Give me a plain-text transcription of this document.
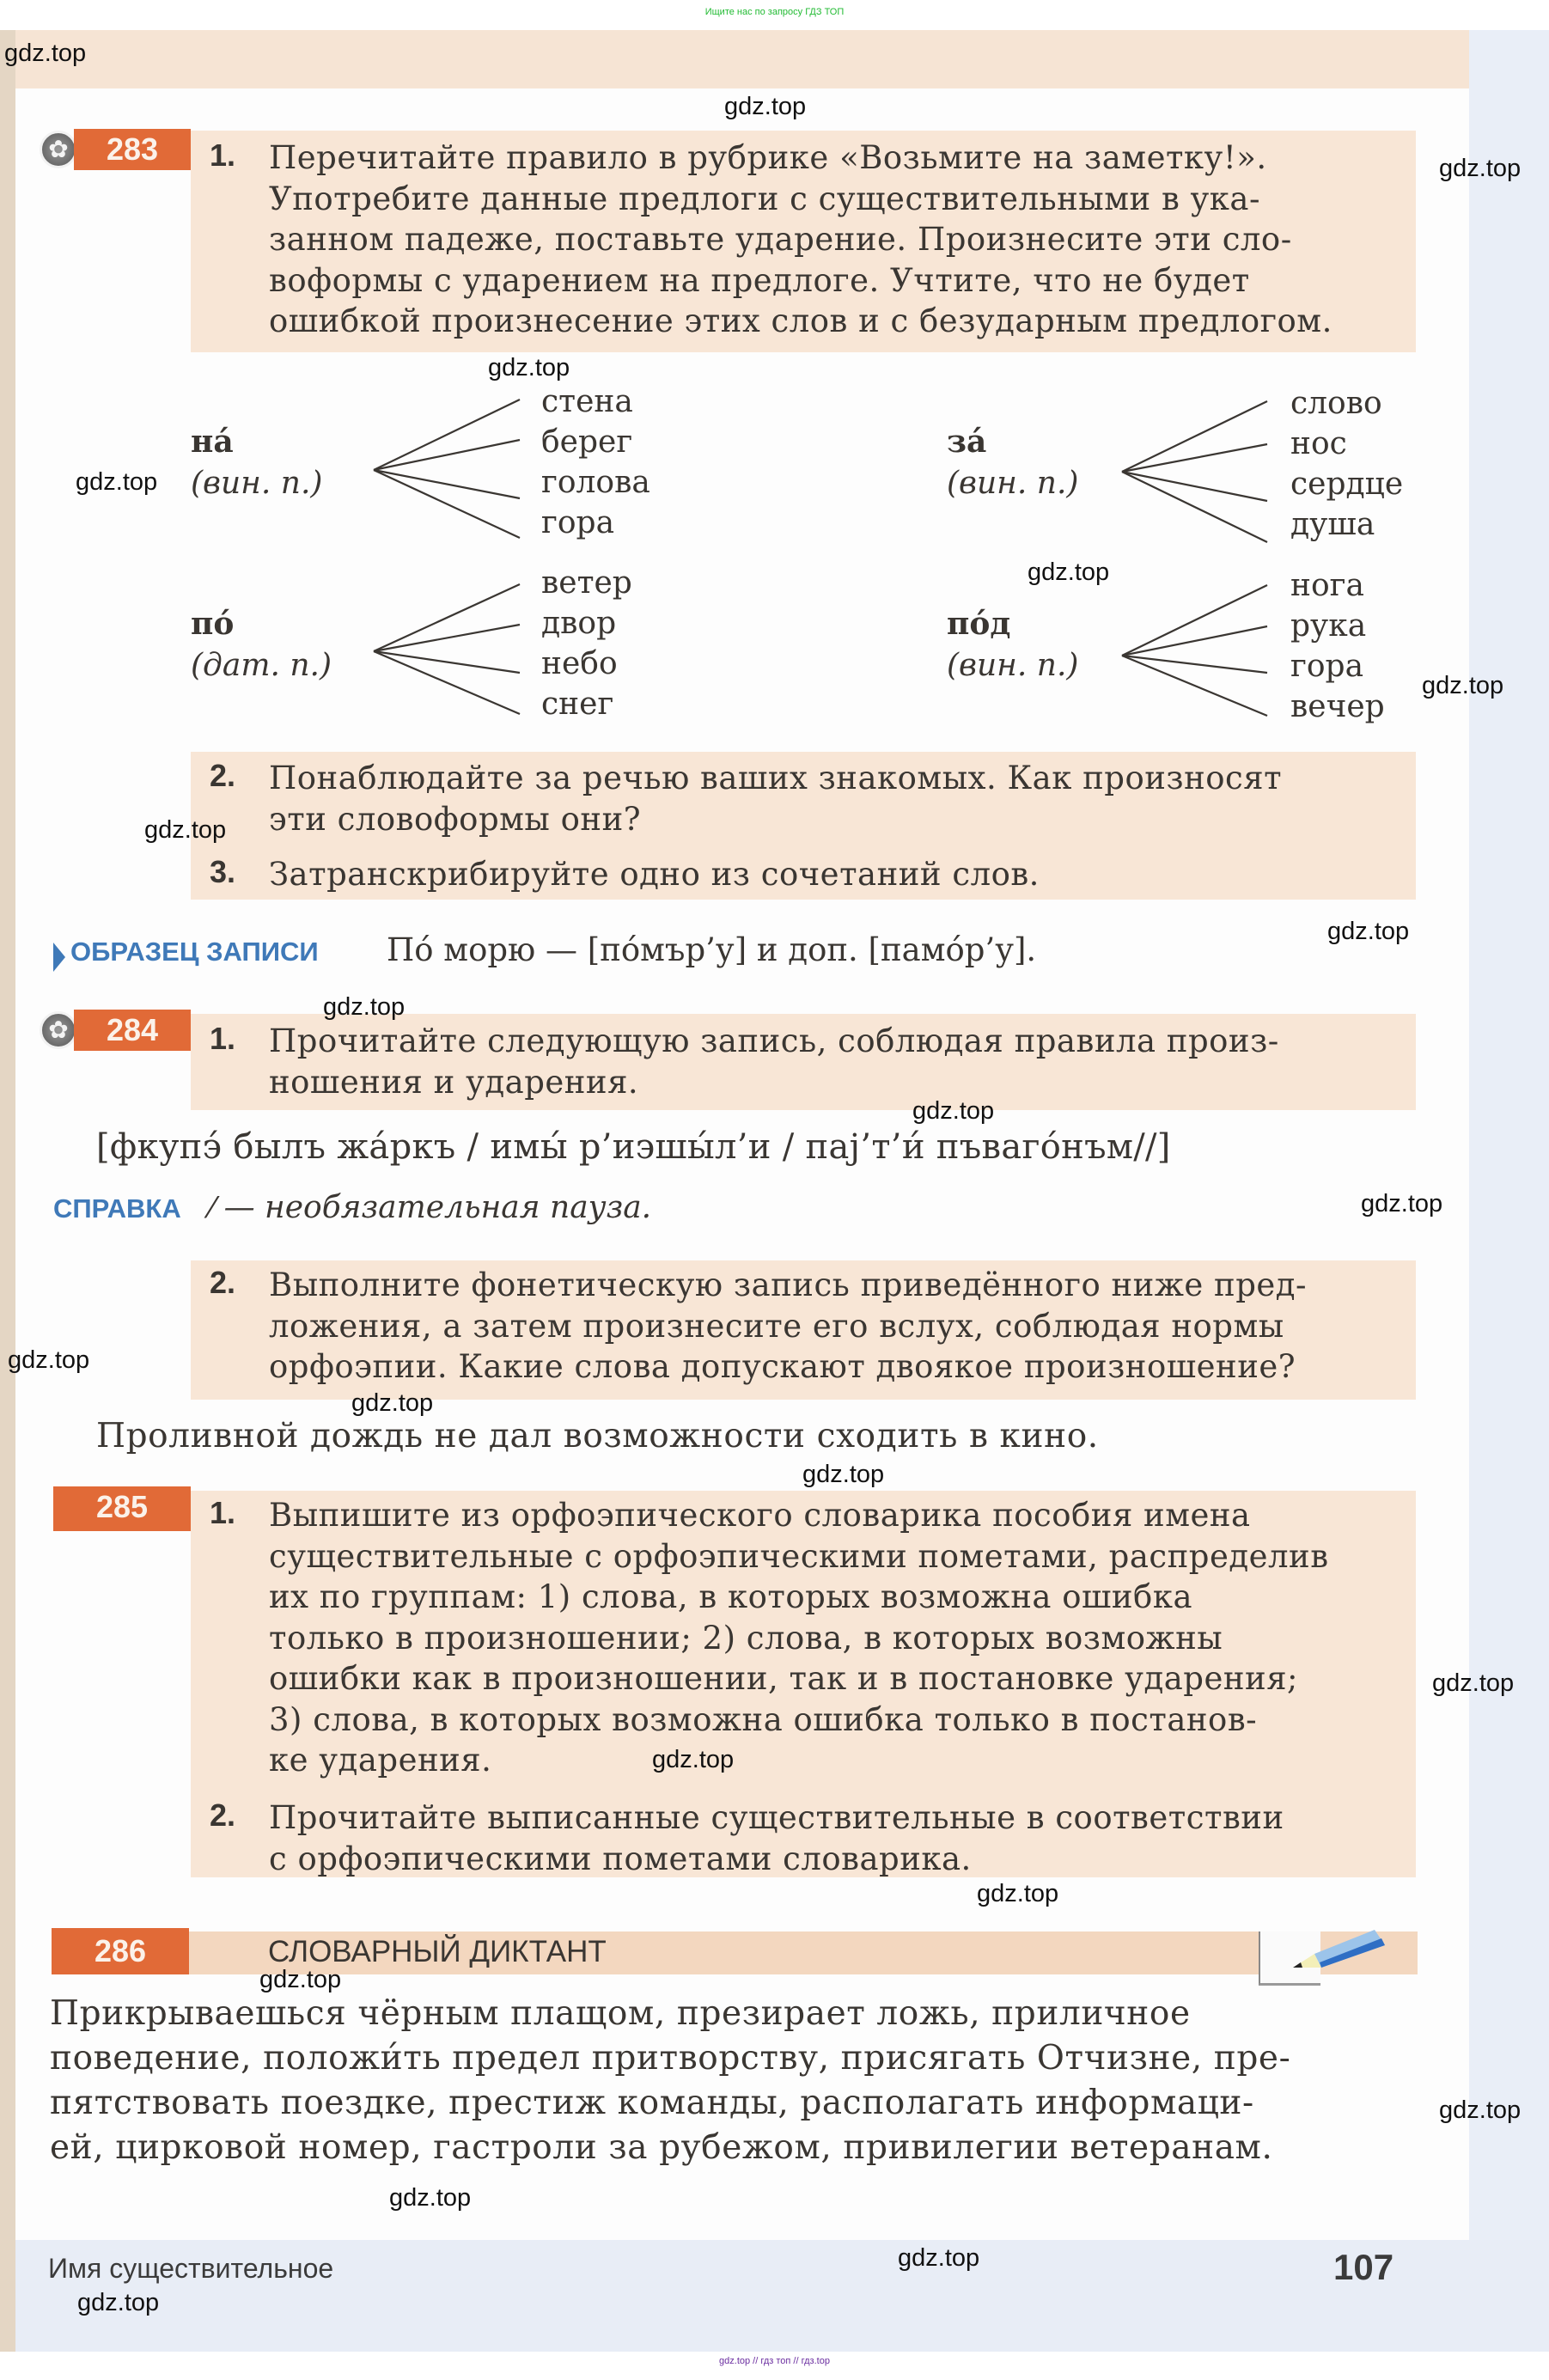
Ищите нас по запросу ГДЗ ТОП
✿	283	1. Перечитайте правило в рубрике «Возьмите на заметку!».
Употребите данные предлоги с существительными в ука-
занном падеже, поставьте ударение. Произнесите эти сло-
воформы с ударением на предлоге. Учтите, что не будет
ошибкой произнесение этих слов и с безударным предлогом.
на́
(вин. п.)
стена
берег
голова
гора
за́
(вин. п.)
слово
нос
сердце
душа
по́
(дат. п.)
ветер
двор
небо
снег
по́д
(вин. п.)
нога
рука
гора
вечер
2. Понаблюдайте за речью ваших знакомых. Как произносят
эти словоформы они?
3. Затранскрибируйте одно из сочетаний слов.
ОБРАЗЕЦ ЗАПИСИ По́ морю — [по́мър’у] и доп. [памо́р’у].
✿	284	1. Прочитайте следующую запись, соблюдая правила произ-
ношения и ударения.
[фкупэ́ былъ жа́ркъ / имы́ р’иэшы́л’и / паj’т’и́ пъвагóнъм//]
СПРАВКА ⁄ — необязательная пауза.
2. Выполните фонетическую запись приведённого ниже пред-
ложения, а затем произнесите его вслух, соблюдая нормы
орфоэпии. Какие слова допускают двоякое произношение?
Проливной дождь не дал возможности сходить в кино.
285	1. Выпишите из орфоэпического словарика пособия имена
существительные с орфоэпическими пометами, распределив
их по группам: 1) слова, в которых возможна ошибка
только в произношении; 2) слова, в которых возможны
ошибки как в произношении, так и в постановке ударения;
3) слова, в которых возможна ошибка только в постанов-
ке ударения.
2. Прочитайте выписанные существительные в соответствии
с орфоэпическими пометами словарика.
286	СЛОВАРНЫЙ ДИКТАНТ
Прикрываешься чёрным плащом, презирает ложь, приличное
поведение, положи́ть предел притворству, присягать Отчизне, пре-
пятствовать поездке, престиж команды, располагать информаци-
ей, цирковой номер, гастроли за рубежом, привилегии ветеранам.
Имя существительное	107
gdz.top
gdz.top
gdz.top
gdz.top
gdz.top
gdz.top
gdz.top
gdz.top
gdz.top
gdz.top
gdz.top
gdz.top
gdz.top
gdz.top
gdz.top
gdz.top
gdz.top
gdz.top
gdz.top
gdz.top
gdz.top
gdz.top
gdz.top
gdz.top // гдз топ // гдз.top
